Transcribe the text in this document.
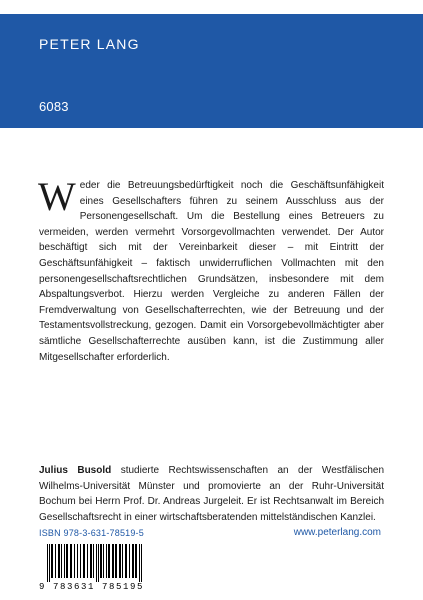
PETER LANG
6083
Weder die Betreuungsbedürftigkeit noch die Geschäftsunfähigkeit eines Gesellschafters führen zu seinem Ausschluss aus der Personengesellschaft. Um die Bestellung eines Betreuers zu vermeiden, werden vermehrt Vorsorgevollmachten verwendet. Der Autor beschäftigt sich mit der Vereinbarkeit dieser – mit Eintritt der Geschäftsunfähigkeit – faktisch unwiderruflichen Vollmachten mit den personengesellschaftsrechtlichen Grundsätzen, insbesondere mit dem Abspaltungsverbot. Hierzu werden Vergleiche zu anderen Fällen der Fremdverwaltung von Gesellschafterrechten, wie der Betreuung und der Testamentsvollstreckung, gezogen. Damit ein Vorsorgebevollmächtigter aber sämtliche Gesellschafterrechte ausüben kann, ist die Zustimmung aller Mitgesellschafter erforderlich.
Julius Busold studierte Rechtswissenschaften an der Westfälischen Wilhelms-Universität Münster und promovierte an der Ruhr-Universität Bochum bei Herrn Prof. Dr. Andreas Jurgeleit. Er ist Rechtsanwalt im Bereich Gesellschaftsrecht in einer wirtschaftsberatenden mittelständischen Kanzlei.
ISBN 978-3-631-78519-5	www.peterlang.com
9 783631 785195
